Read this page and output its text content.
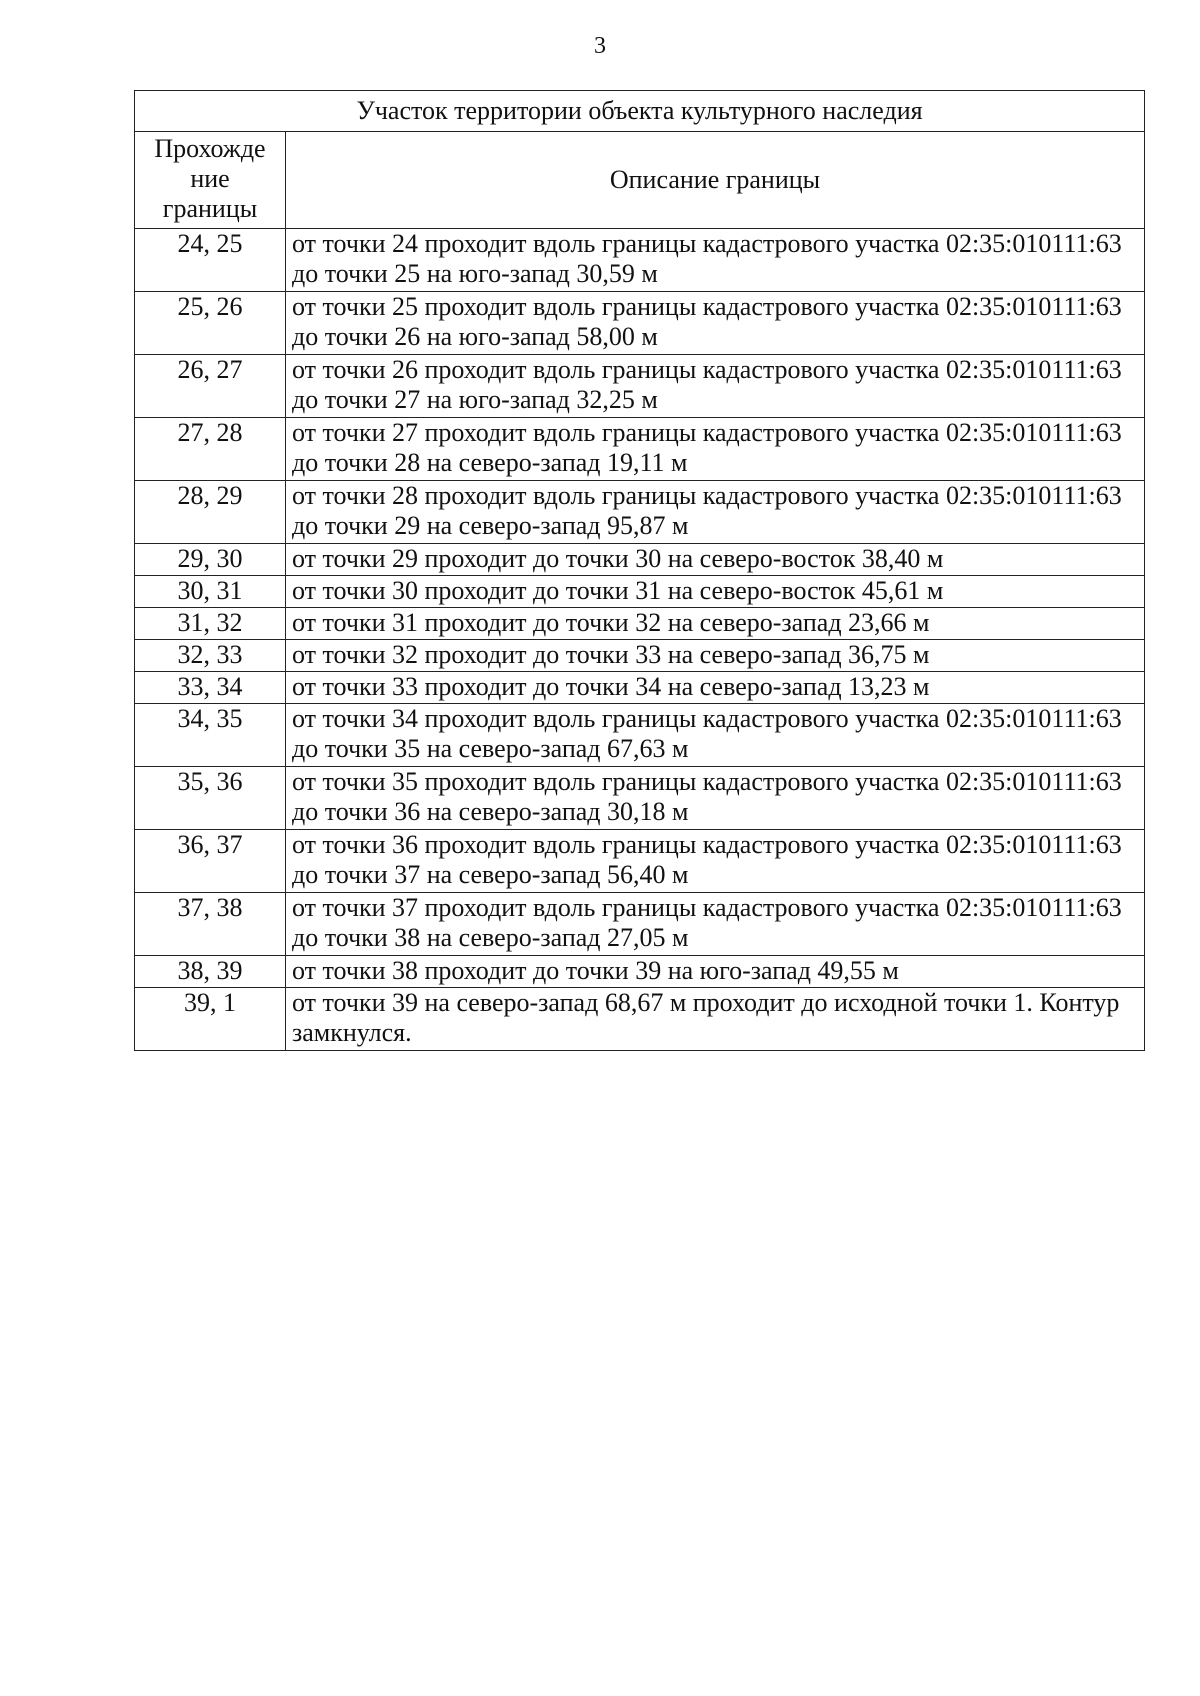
3
Участок территории объекта культурного наследия	
Прохожде ние границы	Описание границы
24, 25	от точки 24 проходит вдоль границы кадастрового участка 02:35:010111:63 до точки 25 на юго-запад 30,59 м
25, 26	от точки 25 проходит вдоль границы кадастрового участка 02:35:010111:63 до точки 26 на юго-запад 58,00 м
26, 27	от точки 26 проходит вдоль границы кадастрового участка 02:35:010111:63 до точки 27 на юго-запад 32,25 м
27, 28	от точки 27 проходит вдоль границы кадастрового участка 02:35:010111:63 до точки 28 на северо-запад 19,11 м
28, 29	от точки 28 проходит вдоль границы кадастрового участка 02:35:010111:63 до точки 29 на северо-запад 95,87 м
29, 30	от точки 29 проходит до точки 30 на северо-восток 38,40 м
30, 31	от точки 30 проходит до точки 31 на северо-восток 45,61 м
31, 32	от точки 31 проходит до точки 32 на северо-запад 23,66 м
32, 33	от точки 32 проходит до точки 33 на северо-запад 36,75 м
33, 34	от точки 33 проходит до точки 34 на северо-запад 13,23 м
34, 35	от точки 34 проходит вдоль границы кадастрового участка 02:35:010111:63 до точки 35 на северо-запад 67,63 м
35, 36	от точки 35 проходит вдоль границы кадастрового участка 02:35:010111:63 до точки 36 на северо-запад 30,18 м
36, 37	от точки 36 проходит вдоль границы кадастрового участка 02:35:010111:63 до точки 37 на северо-запад 56,40 м
37, 38	от точки 37 проходит вдоль границы кадастрового участка 02:35:010111:63 до точки 38 на северо-запад 27,05 м
38, 39	от точки 38 проходит до точки 39 на юго-запад 49,55 м
39, 1	от точки 39 на северо-запад 68,67 м проходит до исходной точки 1. Контур замкнулся.
